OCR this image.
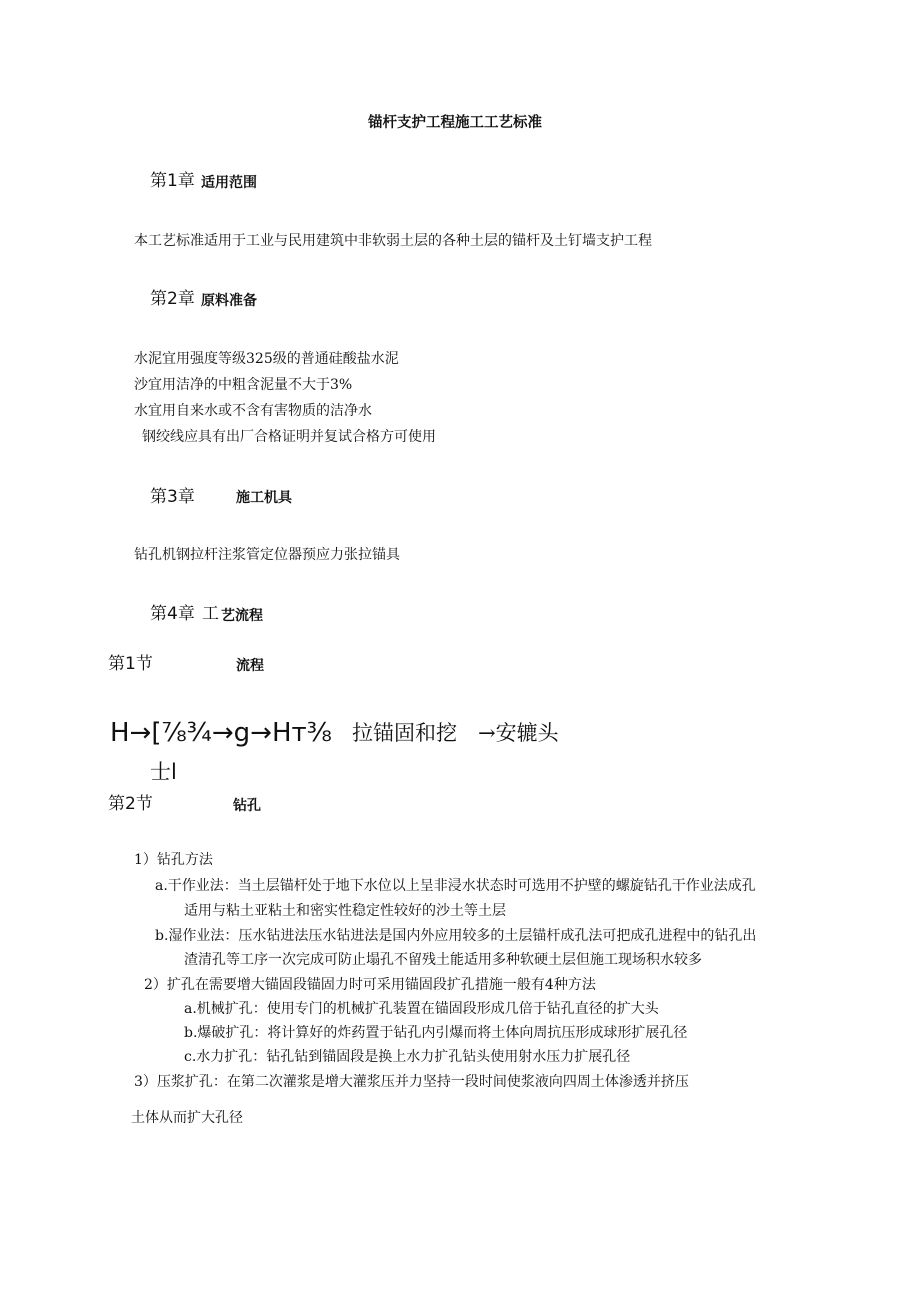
锚杆支护工程施工工艺标准
第1章 适用范围
本工艺标准适用于工业与民用建筑中非软弱土层的各种土层的锚杆及土钉墙支护工程
第2章 原料准备
水泥宜用强度等级325级的普通硅酸盐水泥
沙宜用洁净的中粗含泥量不大于3%
水宜用自来水或不含有害物质的洁净水
钢绞线应具有出厂合格证明并复试合格方可使用
第3章	施工机具
钻孔机钢拉杆注浆管定位器预应力张拉锚具
第4章 工 艺流程
第1节	流程
H→[⅞¾→g→Hт⅜ 拉锚固和挖 →安辘头
士l
第2节	钻孔
1）钻孔方法
a.干作业法：当土层锚杆处于地下水位以上呈非浸水状态时可选用不护壁的螺旋钻孔干作业法成孔
适用与粘土亚粘土和密实性稳定性较好的沙土等土层
b.湿作业法：压水钻进法压水钻进法是国内外应用较多的土层锚杆成孔法可把成孔进程中的钻孔出
渣清孔等工序一次完成可防止塌孔不留残土能适用多种软硬土层但施工现场积水较多
2）扩孔在需要增大锚固段锚固力时可采用锚固段扩孔措施一般有4种方法
a.机械扩孔：使用专门的机械扩孔装置在锚固段形成几倍于钻孔直径的扩大头
b.爆破扩孔：将计算好的炸药置于钻孔内引爆而将土体向周抗压形成球形扩展孔径
c.水力扩孔：钻孔钻到锚固段是换上水力扩孔钻头使用射水压力扩展孔径
3）压浆扩孔：在第二次灌浆是增大灌浆压并力坚持一段时间使浆液向四周土体渗透并挤压
土体从而扩大孔径
